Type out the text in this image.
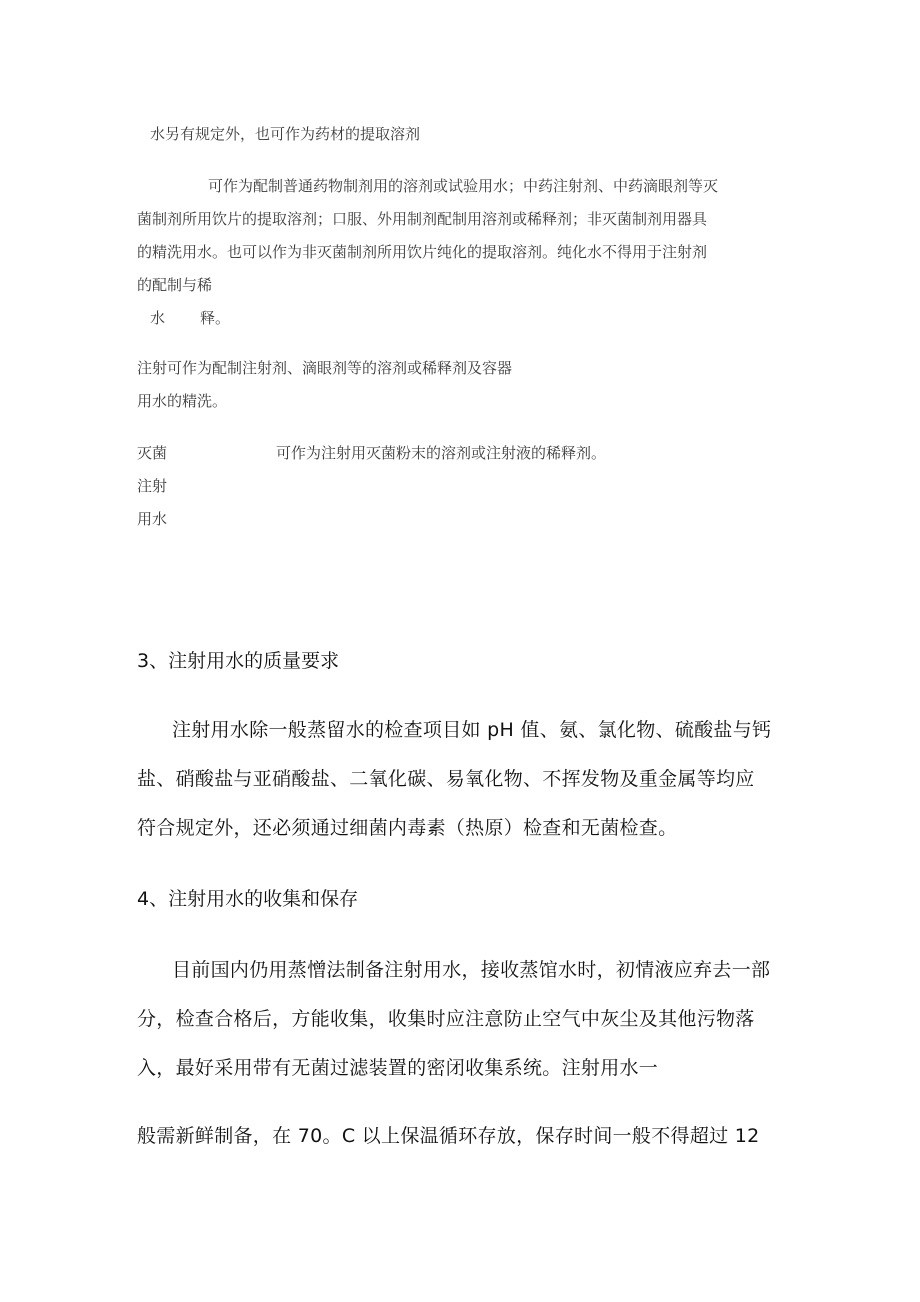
水另有规定外，也可作为药材的提取溶剂
可作为配制普通药物制剂用的溶剂或试验用水；中药注射剂、中药滴眼剂等灭
菌制剂所用饮片的提取溶剂；口服、外用制剂配制用溶剂或稀释剂；非灭菌制剂用器具
的精洗用水。也可以作为非灭菌制剂所用饮片纯化的提取溶剂。纯化水不得用于注射剂
的配制与稀
水 释。
注射可作为配制注射剂、滴眼剂等的溶剂或稀释剂及容器
用水的精洗。
灭菌
注射
用水
可作为注射用灭菌粉末的溶剂或注射液的稀释剂。
3、注射用水的质量要求
注射用水除一般蒸留水的检查项目如 pH 值、氨、氯化物、硫酸盐与钙
盐、硝酸盐与亚硝酸盐、二氧化碳、易氧化物、不挥发物及重金属等均应
符合规定外，还必须通过细菌内毒素（热原）检查和无菌检查。
4、注射用水的收集和保存
目前国内仍用蒸憎法制备注射用水，接收蒸馆水时，初情液应弃去一部
分，检查合格后，方能收集，收集时应注意防止空气中灰尘及其他污物落
入，最好采用带有无菌过滤装置的密闭收集系统。注射用水一
般需新鲜制备，在 70。C 以上保温循环存放，保存时间一般不得超过 12
